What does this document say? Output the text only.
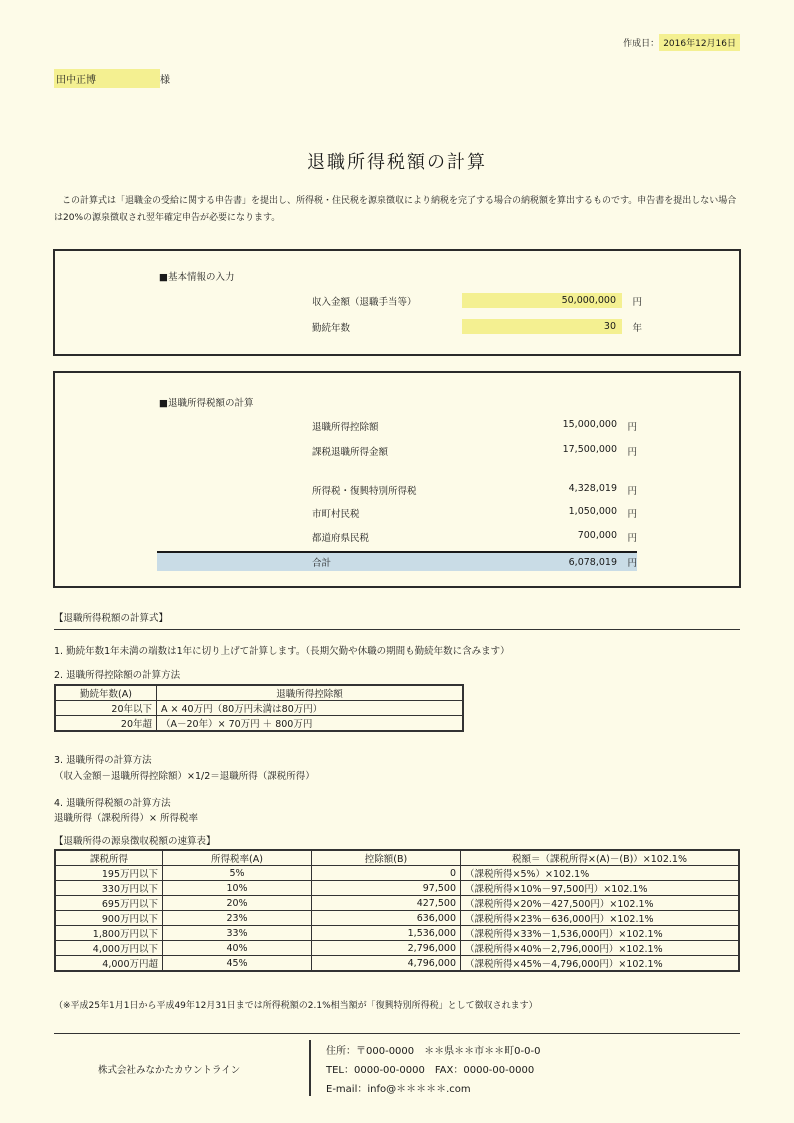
作成日： 2016年12月16日
田中正博	様
退職所得税額の計算
この計算式は「退職金の受給に関する申告書」を提出し、所得税・住民税を源泉徴収により納税を完了する場合の納税額を算出するものです。申告書を提出しない場合は20%の源泉徴収され翌年確定申告が必要になります。
■基本情報の入力
収入金額（退職手当等）	50,000,000	円
勤続年数	30	年
■退職所得税額の計算
退職所得控除額	15,000,000	円
課税退職所得金額	17,500,000	円
所得税・復興特別所得税	4,328,019	円
市町村民税	1,050,000	円
都道府県民税	700,000	円
合計	6,078,019	円
【退職所得税額の計算式】
1. 勤続年数1年未満の端数は1年に切り上げて計算します。（長期欠勤や休職の期間も勤続年数に含みます）
2. 退職所得控除額の計算方法
勤続年数(A)	退職所得控除額
20年以下	A × 40万円（80万円未満は80万円）
20年超	（A－20年）× 70万円 ＋ 800万円
3. 退職所得の計算方法
（収入金額－退職所得控除額）×1/2＝退職所得（課税所得）
4. 退職所得税額の計算方法
退職所得（課税所得）× 所得税率
【退職所得の源泉徴収税額の速算表】
課税所得	所得税率(A)	控除額(B)	税額＝（課税所得×(A)－(B)）×102.1%
195万円以下	5%	0	（課税所得×5%）×102.1%
330万円以下	10%	97,500	（課税所得×10%－97,500円）×102.1%
695万円以下	20%	427,500	（課税所得×20%－427,500円）×102.1%
900万円以下	23%	636,000	（課税所得×23%－636,000円）×102.1%
1,800万円以下	33%	1,536,000	（課税所得×33%－1,536,000円）×102.1%
4,000万円以下	40%	2,796,000	（課税所得×40%－2,796,000円）×102.1%
4,000万円超	45%	4,796,000	（課税所得×45%－4,796,000円）×102.1%
（※平成25年1月1日から平成49年12月31日までは所得税額の2.1%相当額が「復興特別所得税」として徴収されます）
株式会社みなかたカウントライン
住所：〒000-0000　＊＊県＊＊市＊＊町0-0-0
TEL：0000-00-0000　FAX：0000-00-0000
E-mail：info@＊＊＊＊＊.com
